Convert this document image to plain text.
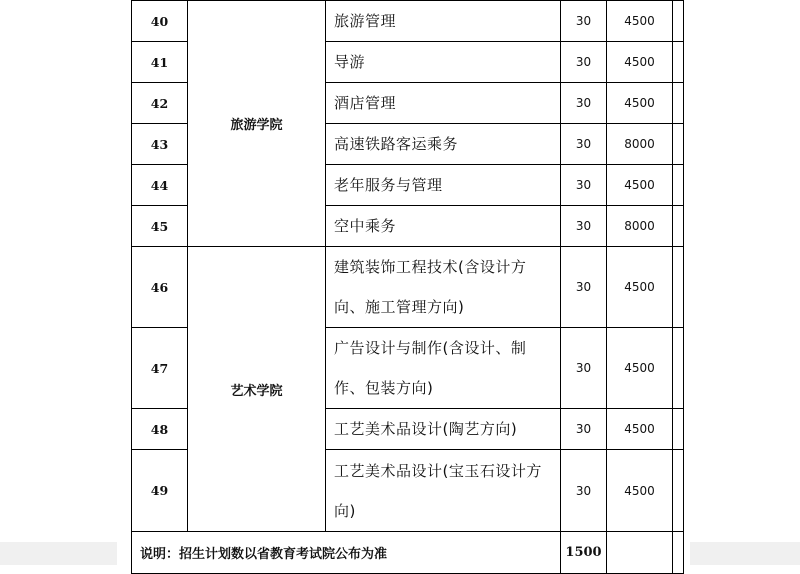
40	旅游学院	旅游管理	30	4500	
41		导游	30	4500	
42		酒店管理	30	4500	
43		高速铁路客运乘务	30	8000	
44		老年服务与管理	30	4500	
45		空中乘务	30	8000	
46	艺术学院	建筑装饰工程技术(含设计方向、施工管理方向)	30	4500	
47		广告设计与制作(含设计、制作、包装方向)	30	4500	
48		工艺美术品设计(陶艺方向)	30	4500	
49		工艺美术品设计(宝玉石设计方向)	30	4500	
说明：招生计划数以省教育考试院公布为准			1500		
